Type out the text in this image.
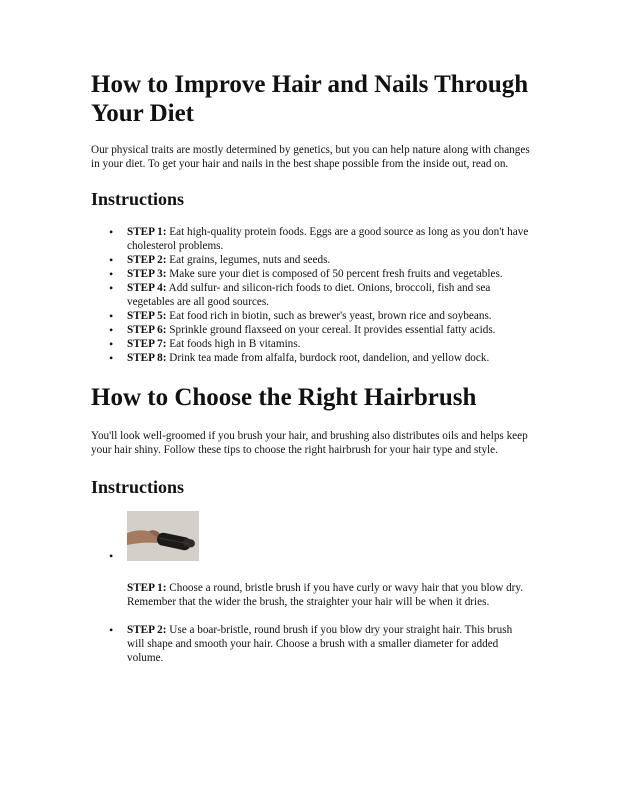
How to Improve Hair and Nails Through Your Diet

Our physical traits are mostly determined by genetics, but you can help nature along with changes in your diet. To get your hair and nails in the best shape possible from the inside out, read on.

Instructions
• STEP 1: Eat high-quality protein foods. Eggs are a good source as long as you don't have cholesterol problems.
• STEP 2: Eat grains, legumes, nuts and seeds.
• STEP 3: Make sure your diet is composed of 50 percent fresh fruits and vegetables.
• STEP 4: Add sulfur- and silicon-rich foods to diet. Onions, broccoli, fish and sea vegetables are all good sources.
• STEP 5: Eat food rich in biotin, such as brewer's yeast, brown rice and soybeans.
• STEP 6: Sprinkle ground flaxseed on your cereal. It provides essential fatty acids.
• STEP 7: Eat foods high in B vitamins.
• STEP 8: Drink tea made from alfalfa, burdock root, dandelion, and yellow dock.
How to Choose the Right Hairbrush

You'll look well-groomed if you brush your hair, and brushing also distributes oils and helps keep your hair shiny. Follow these tips to choose the right hairbrush for your hair type and style.

Instructions
•
STEP 1: Choose a round, bristle brush if you have curly or wavy hair that you blow dry. Remember that the wider the brush, the straighter your hair will be when it dries.
• STEP 2: Use a boar-bristle, round brush if you blow dry your straight hair. This brush will shape and smooth your hair. Choose a brush with a smaller diameter for added volume.
